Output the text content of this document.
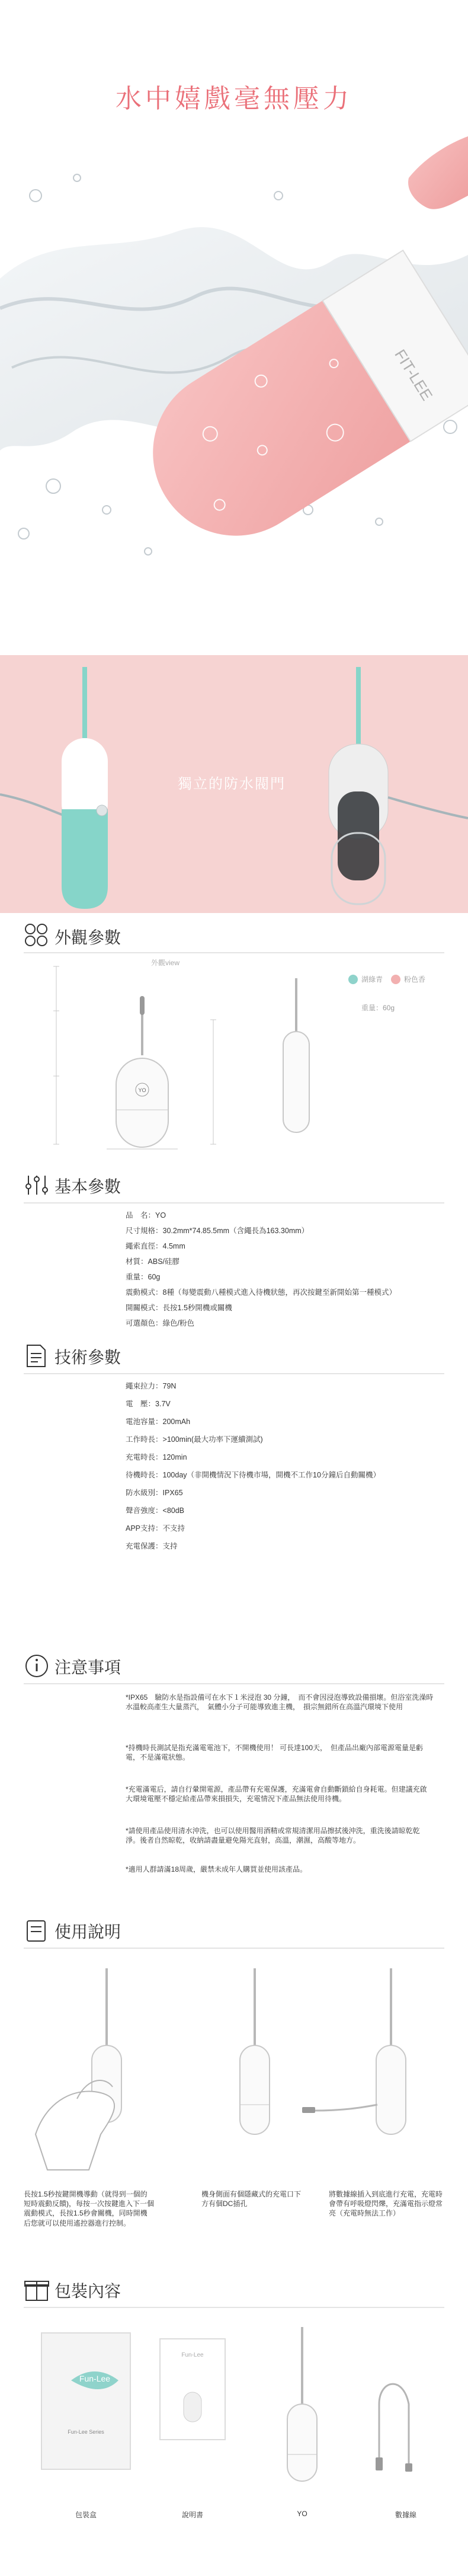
FIT-LEE
水中嬉戲毫無壓力
獨立的防水閥門
外觀參數
外觀view
湖綠青	粉色香
重量：60g
YO
基本參數
品　名：YO
尺寸規格：30.2mm*74.85.5mm（含繩長為163.30mm）
繩索直徑：4.5mm
材質：ABS/硅膠
重量：60g
震動模式：8種（每變震動八種模式進入待機狀態，再次按鍵至新開始第一種模式）
開關模式：長按1.5秒開機或關機
可選顏色：綠色/粉色
技術參數
繩束拉力：79N
電　壓：3.7V
電池容量：200mAh
工作時長：>100min(最大功率下運續測試)
充電時長：120min
待機時長：100day（非開機情況下待機市場，開機不工作10分鐘后自動關機）
防水級別：IPX65
聲音強度：<80dB
APP支持：不支持
充電保護：支持
注意事項
*IPX65　驗防水是指設備可在水下１米浸泡 30 分鐘，　而不會因浸泡導致設備損壞。但浴室洗澡時水溫較高產生大量蒸汽，　氣體小分子可能導致進主機，　損宗無錯所在高溫汽環境下使用
*持機時長測試是指充滿電電池下，不開機使用！ 可長達100天，　但產品出廠內部電源電量是虧電，不是滿電狀態。
*充電滿電后，請自行暈開電源，產品帶有充電保護，充滿電會自動斷鎖給自身耗電。但建議充啟大環境電壓不穩定給產品帶來損損失，充電情況下產品無法使用待機。
*請使用產品使用清水沖洗，也可以使用醫用酒精或常規清潔用品擦拭後沖洗，重洗後請晾乾乾淨。後者自然晾乾，收納請盡量避免陽光直射，高溫，潮濕，高酸等地方。
*適用人群請滿18周歲，嚴禁未成年人購買並使用該產品。
使用說明
長按1.5秒按鍵開機導動（就得到一個的短時震動反饋)，每按一次按鍵進入下一個震動模式，長按1.5秒會關機，同時開機后您就可以使用遙控器進行控制。
機身側面有個隱藏式的充電口下方有個DC插孔
將數據線插入到底進行充電，充電時會帶有呼吸燈閃爍，充滿電指示燈常亮（充電時無法工作）
包裝內容
Fun-Lee
Fun-Lee Series
Fun-Lee
包裝盒	說明書	YO	數據線
